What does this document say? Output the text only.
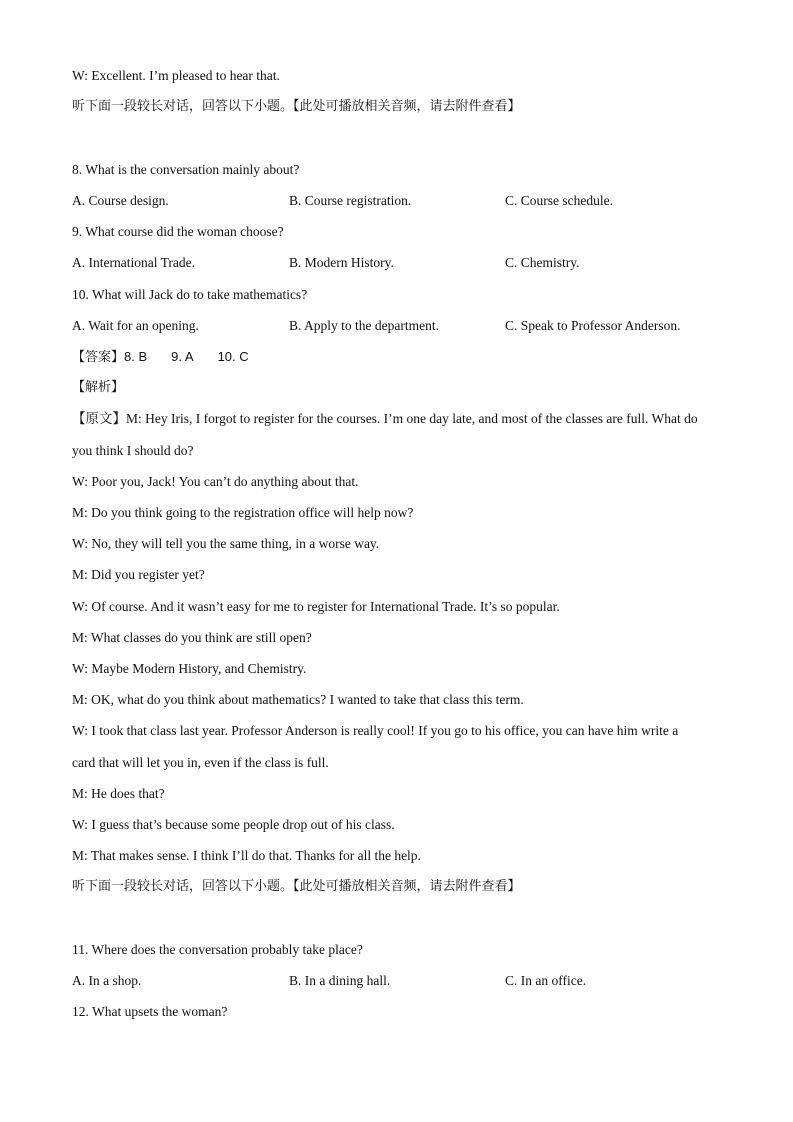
W: Excellent. I’m pleased to hear that.
听下面一段较长对话，回答以下小题。【此处可播放相关音频，请去附件查看】
8. What is the conversation mainly about?
A. Course design.	B. Course registration.	C. Course schedule.
9. What course did the woman choose?
A. International Trade.	B. Modern History.	C. Chemistry.
10. What will Jack do to take mathematics?
A. Wait for an opening.	B. Apply to the department.	C. Speak to Professor Anderson.
【答案】8. B 9. A 10. C
【解析】
【原文】M: Hey Iris, I forgot to register for the courses. I’m one day late, and most of the classes are full. What do
you think I should do?
W: Poor you, Jack! You can’t do anything about that.
M: Do you think going to the registration office will help now?
W: No, they will tell you the same thing, in a worse way.
M: Did you register yet?
W: Of course. And it wasn’t easy for me to register for International Trade. It’s so popular.
M: What classes do you think are still open?
W: Maybe Modern History, and Chemistry.
M: OK, what do you think about mathematics? I wanted to take that class this term.
W: I took that class last year. Professor Anderson is really cool! If you go to his office, you can have him write a
card that will let you in, even if the class is full.
M: He does that?
W: I guess that’s because some people drop out of his class.
M: That makes sense. I think I’ll do that. Thanks for all the help.
听下面一段较长对话，回答以下小题。【此处可播放相关音频，请去附件查看】
11. Where does the conversation probably take place?
A. In a shop.	B. In a dining hall.	C. In an office.
12. What upsets the woman?
